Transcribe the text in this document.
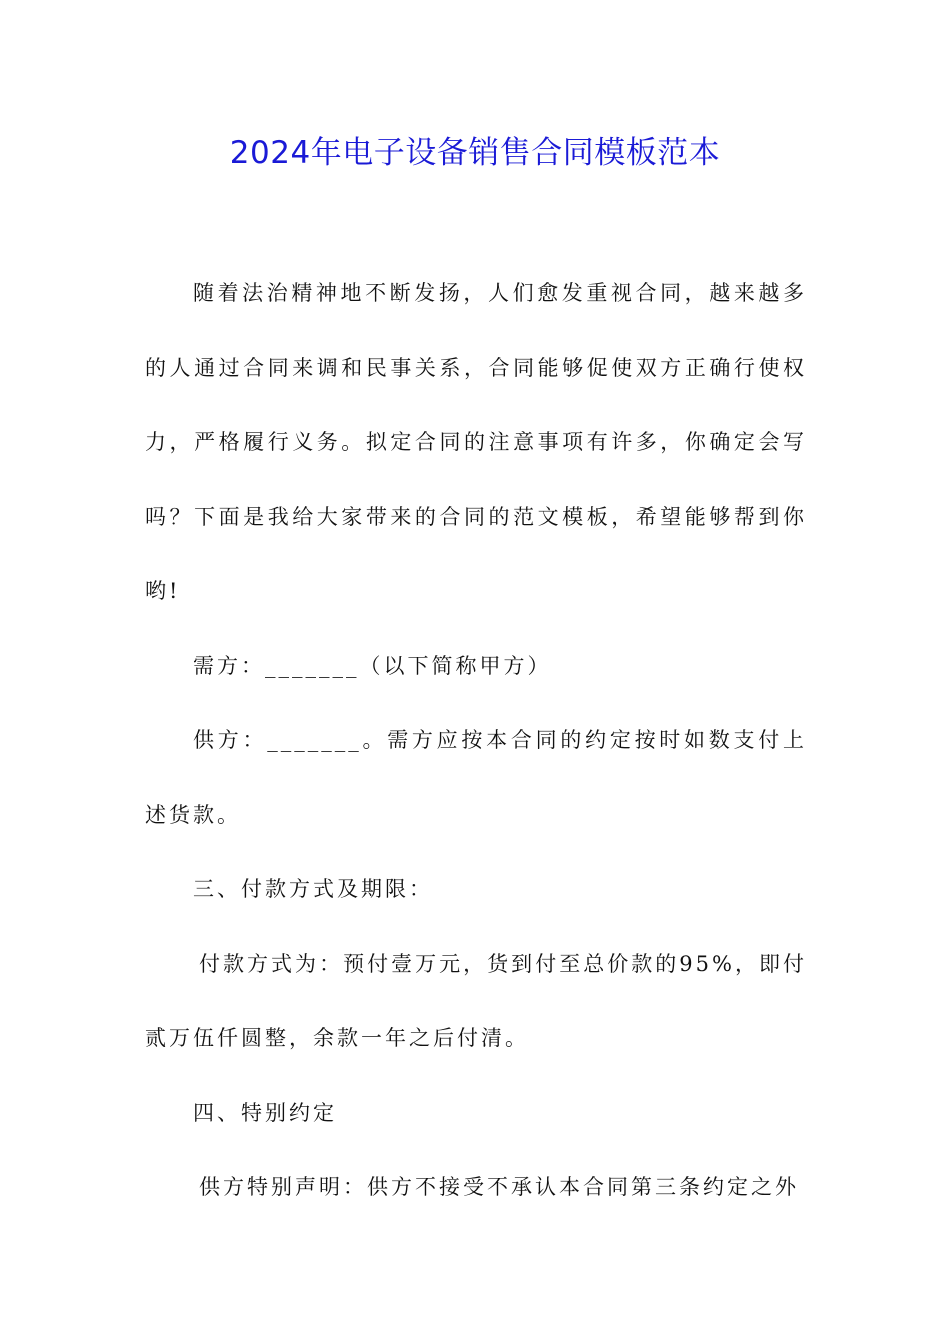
2024年电子设备销售合同模板范本

随着法治精神地不断发扬，人们愈发重视合同，越来越多的人通过合同来调和民事关系，合同能够促使双方正确行使权力，严格履行义务。拟定合同的注意事项有许多，你确定会写吗？下面是我给大家带来的合同的范文模板，希望能够帮到你哟!

需方：_______（以下简称甲方）

供方：_______。需方应按本合同的约定按时如数支付上述货款。

三、付款方式及期限：

付款方式为：预付壹万元，货到付至总价款的95%，即付贰万伍仟圆整，余款一年之后付清。

四、特别约定

供方特别声明：供方不接受不承认本合同第三条约定之外
